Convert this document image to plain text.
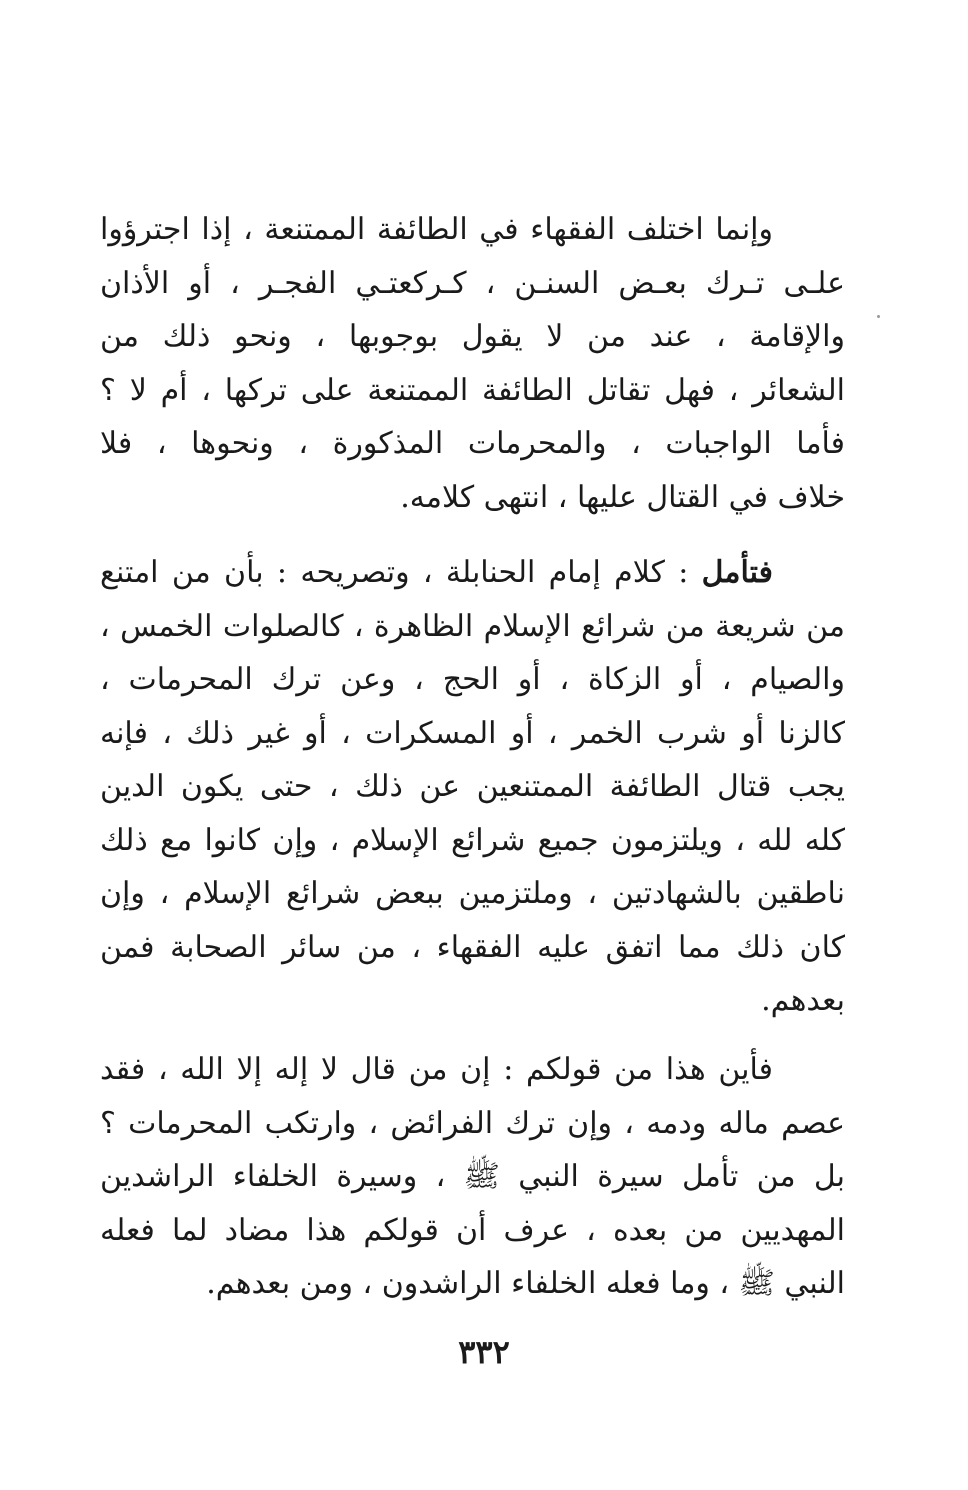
وإنما اختلف الفقهاء في الطائفة الممتنعة ، إذا اجترؤوا
علـى تـرك بعـض السنـن ، كـركعتـي الفجـر ، أو الأذان
والإقامة ، عند من لا يقول بوجوبها ، ونحو ذلك من
الشعائر ، فهل تقاتل الطائفة الممتنعة على تركها ، أم لا ؟
فأما الواجبات ، والمحرمات المذكورة ، ونحوها ، فلا
خلاف في القتال عليها ، انتهى كلامه.
فتأمل : كلام إمام الحنابلة ، وتصريحه : بأن من امتنع
من شريعة من شرائع الإسلام الظاهرة ، كالصلوات الخمس ،
والصيام ، أو الزكاة ، أو الحج ، وعن ترك المحرمات ،
كالزنا أو شرب الخمر ، أو المسكرات ، أو غير ذلك ، فإنه
يجب قتال الطائفة الممتنعين عن ذلك ، حتى يكون الدين
كله لله ، ويلتزمون جميع شرائع الإسلام ، وإن كانوا مع ذلك
ناطقين بالشهادتين ، وملتزمين ببعض شرائع الإسلام ، وإن
كان ذلك مما اتفق عليه الفقهاء ، من سائر الصحابة فمن
بعدهم.
فأين هذا من قولكم : إن من قال لا إله إلا الله ، فقد
عصم ماله ودمه ، وإن ترك الفرائض ، وارتكب المحرمات ؟
بل من تأمل سيرة النبي ﷺ ، وسيرة الخلفاء الراشدين
المهديين من بعده ، عرف أن قولكم هذا مضاد لما فعله
النبي ﷺ ، وما فعله الخلفاء الراشدون ، ومن بعدهم.
٣٣٢
